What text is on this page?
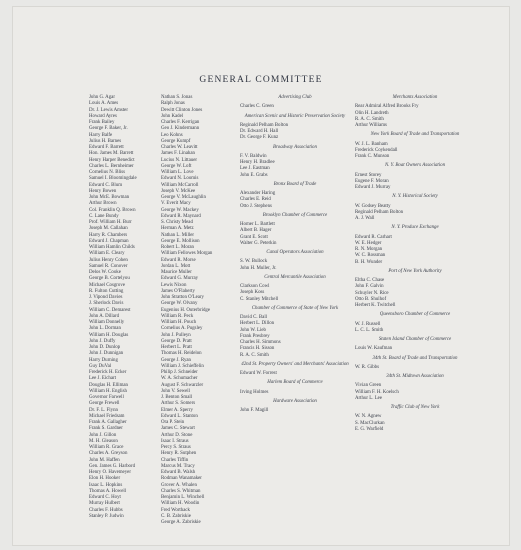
GENERAL COMMITTEE
John G. Agar
Louis A. Ames
Dr. J. Lewis Amster
Howard Ayres
Frank Bailey
George F. Baker, Jr.
Harry Balfe
Julius H. Barnes
Edward F. Barrett
Hon. James M. Barrett
Henry Harper Benedict
Charles L. Bernheimer
Cornelius N. Bliss
Samuel I. Bloomingdale
Edward C. Blum
Henry Bowen
John McE. Bowman
Arthur Brown
Col. Franklin Q. Brown
C. Lane Bundy
Prof. William H. Burr
Joseph M. Callahan
Harry R. Chambers
Edward J. Chapman
William Hamlin Childs
William E. Cleary
Julius Henry Cohen
Samuel R. Conover
Delos W. Cooke
George B. Cortelyou
Michael Cosgrove
R. Fulton Cutting
J. Vipond Davies
J. Sherlock Davis
William C. Demarest
John A. Dillard
William Donnelly
John L. Dorman
William H. Douglas
John J. Duffy
John D. Dunlop
John J. Dunnigan
Harry Durning
Guy DuVal
Frederick H. Ecker
Lee J. Eichart
Douglas H. Elliman
William H. English
Governor Farwell
George Frewell
Dr. F. L. Flynn
Michael Friedsam
Frank A. Gallagher
Frank S. Gardner
John J. Gillon
M. H. Gleason
William R. Grace
Charles A. Greyson
John M. Haffen
Gen. James G. Harbord
Henry O. Havemeyer
Elon H. Hooker
Isaac L. Hopkins
Thomas A. Howell
Edward C. Hoyt
Murray Hulbert
Charles F. Hubbs
Stanley P. Judwin
Nathan S. Jonas
Ralph Jonas
Dewitt Clinton Jones
John Kadel
Charles F. Kerrigan
Geo J. Kindermann
Leo Kohns
George Kumpf
Charles W. Leavitt
James F. Linahan
Lucius N. Littauer
George W. Loft
William L. Love
Edward N. Loomis
William McCarroll
Joseph V. McKee
George V. McLaughlin
V. Everit Macy
George W. Mackey
Edward R. Maynard
S. Christy Mead
Herman A. Metz
Nathan L. Miller
George E. Mollison
Robert L. Moran
William Fellowes Morgan
Edward R. Morse
Jordan L. Mott
Maurice Muller
Edward G. Murray
Lewis Nixon
James O'Flaherty
John Stratton O'Leary
George W. Olvany
Eugenius H. Outerbridge
William R. Peck
William H. Pouch
Cornelius A. Pugsley
John J. Pulleyn
George D. Pratt
Herbert L. Pratt
Thomas H. Reidelon
George J. Ryan
William J. Schieffelin
Philip J. Schneider
W. A. Schumacher
August F. Schwarzler
John V. Sewell
J. Benton Small
Arthur S. Somers
Elmer A. Sperry
Edward L. Stanton
Ora P. Stein
James C. Stewart
Arthur D. Stone
Isaac I. Straus
Percy S. Straus
Henry R. Sutphen
Charles Tiffin
Marcus M. Tracy
Edward B. Walsh
Rodman Wanamaker
Grover A. Whalen
Charles S. Whitman
Benjamin L. Winchell
William H. Woodin
Fred Worthack
C. B. Zabriskie
George A. Zabriskie
Advertising Club
Charles C. Green
American Scenic and Historic Preservation Society
Reginald Pelham Bolton
Dr. Edward H. Hall
Dr. George F. Kunz
Broadway Association
F. V. Baldwin
Henry H. Bradlee
Lee J. Eastman
John E. Grabs
Bronx Board of Trade
Alexander Haring
Charles E. Reid
Otto J. Stephens
Brooklyn Chamber of Commerce
Homer L. Bartlett
Albert B. Hager
Grant E. Scott
Walter G. Peterkin
Canal Operators Association
S. W. Bullock
John H. Muller, Jr.
Central Mercantile Association
Clarkson Cowl
Joseph Koss
C. Stanley Mitchell
Chamber of Commerce of State of New York
David C. Ball
Herbert L. Dillon
John W. Lieb
Frank Presbrey
Charles H. Simmons
Francis H. Sisson
R. A. C. Smith
42nd St. Property Owners' and Merchants' Association
Edward W. Forrest
Harlem Board of Commerce
Irving Holmes
Hardware Association
John F. Magill
Merchants Association
Rear Admiral Alfred Brooks Fry
Olin H. Landreth
R. A. C. Smith
Arthur Williams
New York Board of Trade and Transportation
W. J. L. Banham
Frederick Coykendall
Frank C. Munson
N. Y. Boat Owners Association
Ernest Storey
Eugene F. Moran
Edward J. Murray
N. Y. Historical Society
W. Godsey Beatty
Reginald Pelham Bolton
A. J. Wall
N. Y. Produce Exchange
Edward R. Carhart
W. E. Hedger
R. N. Morgan
W. C. Rossman
B. H. Wunder
Port of New York Authority
Eltha C. Chase
John F. Galvin
Schuyler N. Rice
Otto B. Shulhof
Herbert K. Twitchell
Queensboro Chamber of Commerce
W. J. Russell
L. C. L. Smith
Staten Island Chamber of Commerce
Louis W. Kaufman
34th St. Board of Trade and Transportation
W. R. Gibbs
34th St. Midtown Association
Vivian Green
William F. H. Koelsch
Arthur L. Lee
Traffic Club of New York
W. N. Agnew
S. MacClurkan
E. G. Warfield
